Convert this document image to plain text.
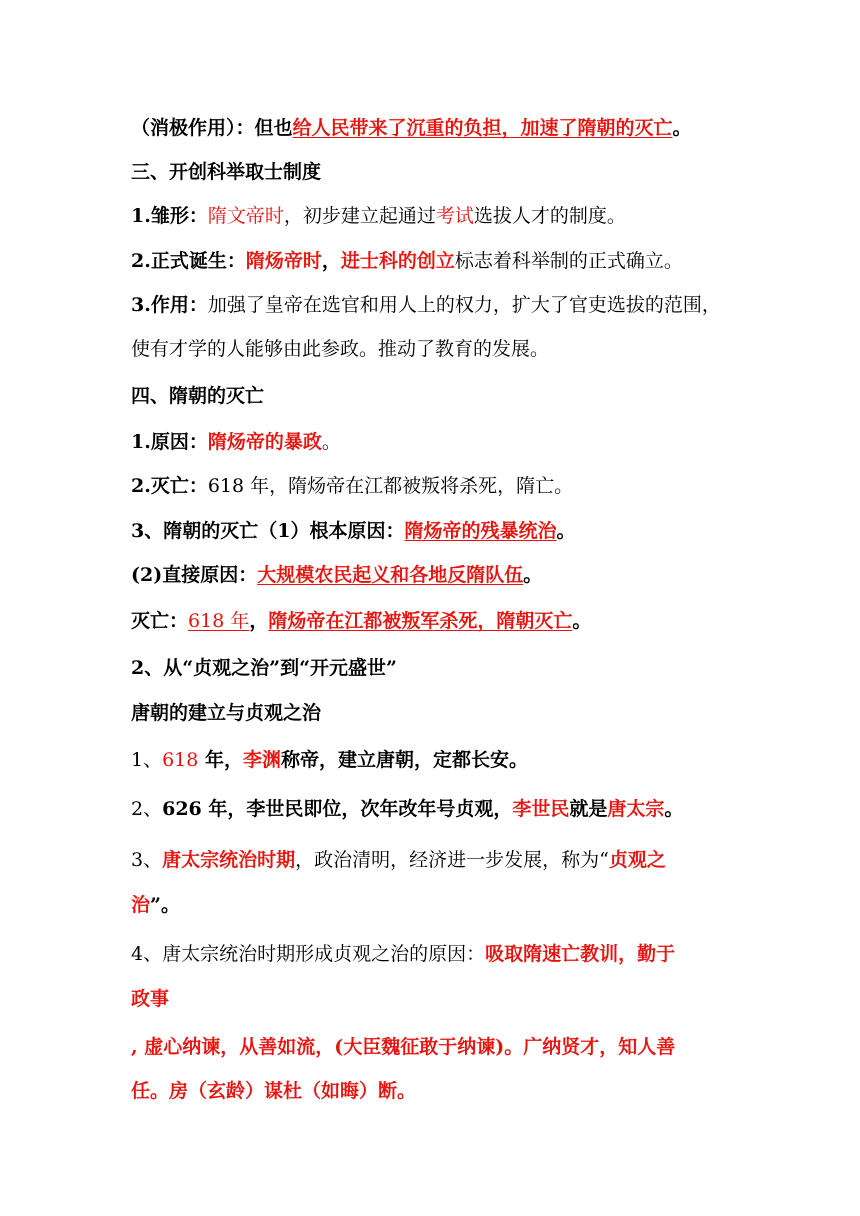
（消极作用）：但也给人民带来了沉重的负担，加速了隋朝的灭亡。
三、开创科举取士制度
1.雏形：隋文帝时，初步建立起通过考试选拔人才的制度。
2.正式诞生：隋炀帝时，进士科的创立标志着科举制的正式确立。
3.作用：加强了皇帝在选官和用人上的权力，扩大了官吏选拔的范围，
使有才学的人能够由此参政。推动了教育的发展。
四、隋朝的灭亡
1.原因：隋炀帝的暴政。
2.灭亡：618 年，隋炀帝在江都被叛将杀死，隋亡。
3、隋朝的灭亡（1）根本原因：隋炀帝的残暴统治。
(2)直接原因：大规模农民起义和各地反隋队伍。
灭亡：618 年，隋炀帝在江都被叛军杀死，隋朝灭亡。
2、从“贞观之治”到“开元盛世”
唐朝的建立与贞观之治
1、618 年，李渊称帝，建立唐朝，定都长安。
2、626 年，李世民即位，次年改年号贞观，李世民就是唐太宗。
3、唐太宗统治时期，政治清明，经济进一步发展，称为“贞观之
治”。
4、唐太宗统治时期形成贞观之治的原因：吸取隋速亡教训，勤于
政事
, 虚心纳谏，从善如流，(大臣魏征敢于纳谏)。广纳贤才，知人善
任。房（玄龄）谋杜（如晦）断。
